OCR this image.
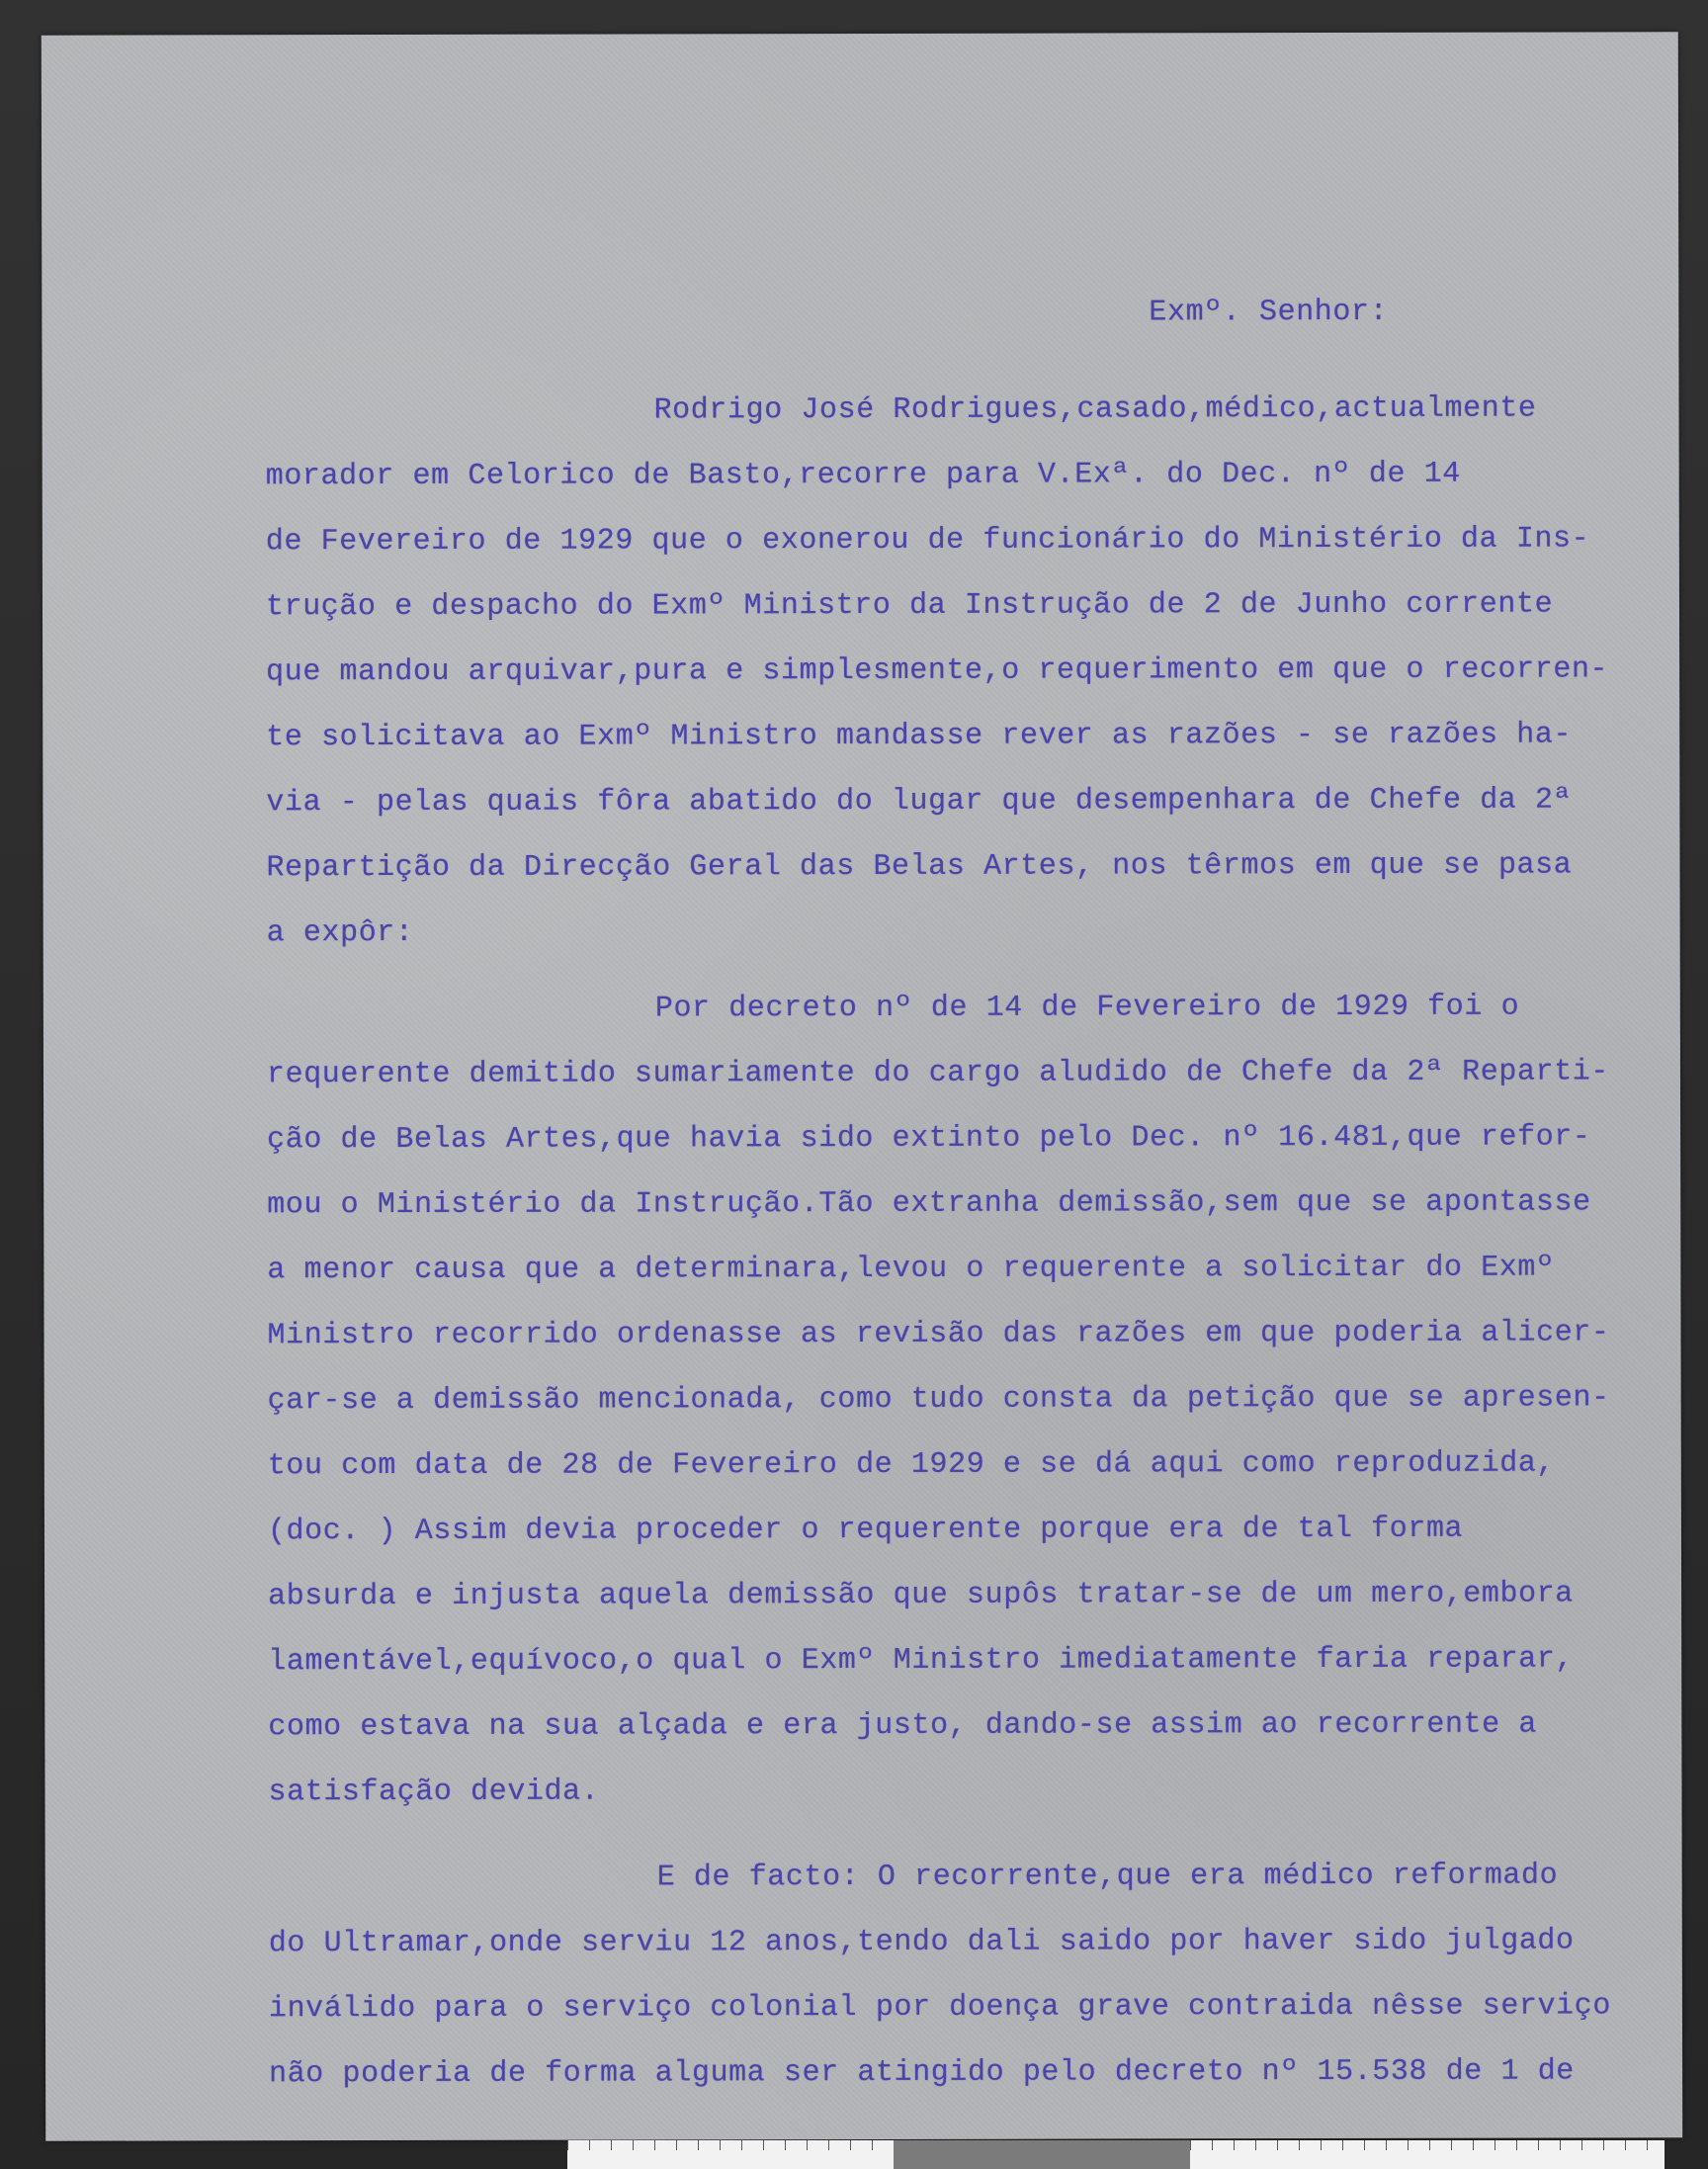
Exmº. Senhor:
Rodrigo José Rodrigues,casado,médico,actualmente
morador em Celorico de Basto,recorre para V.Exª. do Dec. nº de 14
de Fevereiro de 1929 que o exonerou de funcionário do Ministério da Ins-
trução e despacho do Exmº Ministro da Instrução de 2 de Junho corrente
que mandou arquivar,pura e simplesmente,o requerimento em que o recorren-
te solicitava ao Exmº Ministro mandasse rever as razões - se razões ha-
via - pelas quais fôra abatido do lugar que desempenhara de Chefe da 2ª
Repartição da Direcção Geral das Belas Artes, nos têrmos em que se pasa
a expôr:
Por decreto nº de 14 de Fevereiro de 1929 foi o
requerente demitido sumariamente do cargo aludido de Chefe da 2ª Reparti-
ção de Belas Artes,que havia sido extinto pelo Dec. nº 16.481,que refor-
mou o Ministério da Instrução.Tão extranha demissão,sem que se apontasse
a menor causa que a determinara,levou o requerente a solicitar do Exmº
Ministro recorrido ordenasse as revisão das razões em que poderia alicer-
çar-se a demissão mencionada, como tudo consta da petição que se apresen-
tou com data de 28 de Fevereiro de 1929 e se dá aqui como reproduzida,
(doc. ) Assim devia proceder o requerente porque era de tal forma
absurda e injusta aquela demissão que supôs tratar-se de um mero,embora
lamentável,equívoco,o qual o Exmº Ministro imediatamente faria reparar,
como estava na sua alçada e era justo, dando-se assim ao recorrente a
satisfação devida.
E de facto: O recorrente,que era médico reformado
do Ultramar,onde serviu 12 anos,tendo dali saido por haver sido julgado
inválido para o serviço colonial por doença grave contraida nêsse serviço
não poderia de forma alguma ser atingido pelo decreto nº 15.538 de 1 de
